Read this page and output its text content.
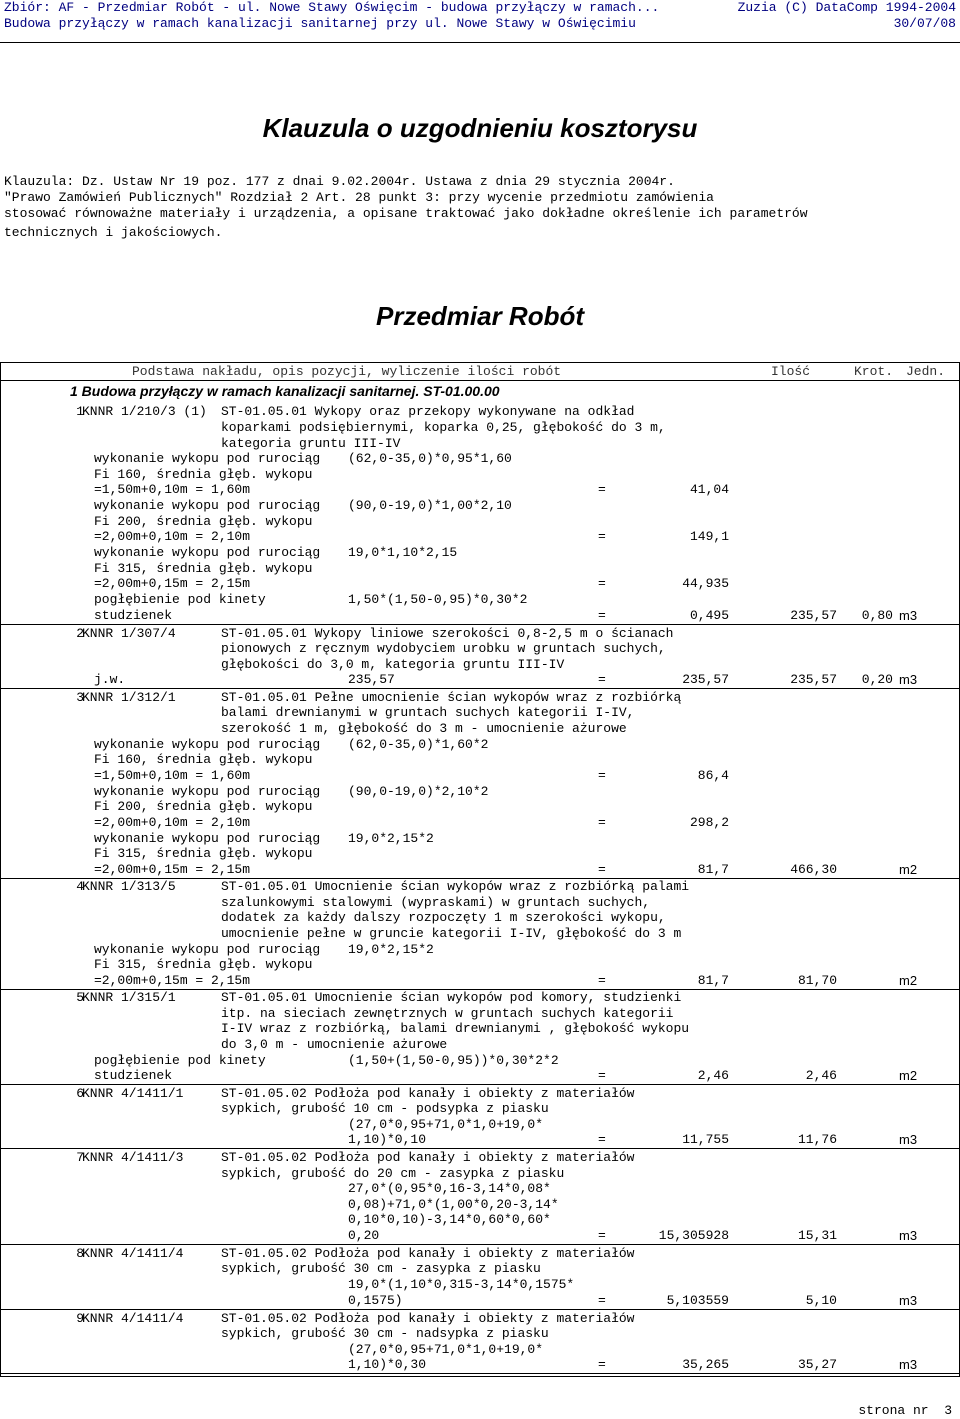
Zbiór: AF - Przedmiar Robót - ul. Nowe Stawy Oświęcim - budowa przyłączy w ramach...
Budowa przyłączy w ramach kanalizacji sanitarnej przy ul. Nowe Stawy w Oświęcimiu
Zuzia (C) DataComp 1994-2004
30/07/08
Klauzula o uzgodnieniu kosztorysu
Klauzula: Dz. Ustaw Nr 19 poz. 177 z dnai 9.02.2004r. Ustawa z dnia 29 stycznia 2004r.
"Prawo Zamówień Publicznych" Rozdział 2 Art. 28 punkt 3: przy wycenie przedmiotu zamówienia
stosować równoważne materiały i urządzenia, a opisane traktować jako dokładne określenie ich parametrów
technicznych i jakościowych.
Przedmiar Robót
Podstawa nakładu, opis pozycji, wyliczenie ilości robót	Ilość	Krot. Jedn.
1 Budowa przyłączy w ramach kanalizacji sanitarnej. ST-01.00.00
1
KNNR 1/210/3 (1) ST-01.05.01 Wykopy oraz przekopy wykonywane na odkład
koparkami podsiębiernymi, koparka 0,25, głębokość do 3 m,
kategoria gruntu III-IV
wykonanie wykopu pod rurociąg (62,0-35,0)*0,95*1,60
Fi 160, średnia głęb. wykopu
=1,50m+0,10m = 1,60m	=	41,04
wykonanie wykopu pod rurociąg (90,0-19,0)*1,00*2,10
Fi 200, średnia głęb. wykopu
=2,00m+0,10m = 2,10m	=	149,1
wykonanie wykopu pod rurociąg 19,0*1,10*2,15
Fi 315, średnia głęb. wykopu
=2,00m+0,15m = 2,15m	=	44,935
pogłębienie pod kinety	1,50*(1,50-0,95)*0,30*2
studzienek	=	0,495	235,57 0,80 m3
2
KNNR 1/307/4	ST-01.05.01 Wykopy liniowe szerokości 0,8-2,5 m o ścianach
pionowych z ręcznym wydobyciem urobku w gruntach suchych,
głębokości do 3,0 m, kategoria gruntu III-IV
j.w.	235,57	=	235,57	235,57 0,20 m3
3
KNNR 1/312/1	ST-01.05.01 Pełne umocnienie ścian wykopów wraz z rozbiórką
balami drewnianymi w gruntach suchych kategorii I-IV,
szerokość 1 m, głębokość do 3 m - umocnienie ażurowe
wykonanie wykopu pod rurociąg (62,0-35,0)*1,60*2
Fi 160, średnia głęb. wykopu
=1,50m+0,10m = 1,60m	=	86,4
wykonanie wykopu pod rurociąg (90,0-19,0)*2,10*2
Fi 200, średnia głęb. wykopu
=2,00m+0,10m = 2,10m	=	298,2
wykonanie wykopu pod rurociąg 19,0*2,15*2
Fi 315, średnia głęb. wykopu
=2,00m+0,15m = 2,15m	=	81,7	466,30	m2
4
KNNR 1/313/5	ST-01.05.01 Umocnienie ścian wykopów wraz z rozbiórką palami
szalunkowymi stalowymi (wypraskami) w gruntach suchych,
dodatek za każdy dalszy rozpoczęty 1 m szerokości wykopu,
umocnienie pełne w gruncie kategorii I-IV, głębokość do 3 m
wykonanie wykopu pod rurociąg 19,0*2,15*2
Fi 315, średnia głęb. wykopu
=2,00m+0,15m = 2,15m	=	81,7	81,70	m2
5
KNNR 1/315/1	ST-01.05.01 Umocnienie ścian wykopów pod komory, studzienki
itp. na sieciach zewnętrznych w gruntach suchych kategorii
I-IV wraz z rozbiórką, balami drewnianymi , głębokość wykopu
do 3,0 m - umocnienie ażurowe
pogłębienie pod kinety	(1,50+(1,50-0,95))*0,30*2*2
studzienek	=	2,46	2,46	m2
6
KNNR 4/1411/1	ST-01.05.02 Podłoża pod kanały i obiekty z materiałów
sypkich, grubość 10 cm - podsypka z piasku
(27,0*0,95+71,0*1,0+19,0*
1,10)*0,10	=	11,755	11,76	m3
7
KNNR 4/1411/3	ST-01.05.02 Podłoża pod kanały i obiekty z materiałów
sypkich, grubość do 20 cm - zasypka z piasku
27,0*(0,95*0,16-3,14*0,08*
0,08)+71,0*(1,00*0,20-3,14*
0,10*0,10)-3,14*0,60*0,60*
0,20	=	15,305928	15,31	m3
8
KNNR 4/1411/4	ST-01.05.02 Podłoża pod kanały i obiekty z materiałów
sypkich, grubość 30 cm - zasypka z piasku
19,0*(1,10*0,315-3,14*0,1575*
0,1575)	=	5,103559	5,10	m3
9
KNNR 4/1411/4	ST-01.05.02 Podłoża pod kanały i obiekty z materiałów
sypkich, grubość 30 cm - nadsypka z piasku
(27,0*0,95+71,0*1,0+19,0*
1,10)*0,30	=	35,265	35,27	m3
strona nr 3
